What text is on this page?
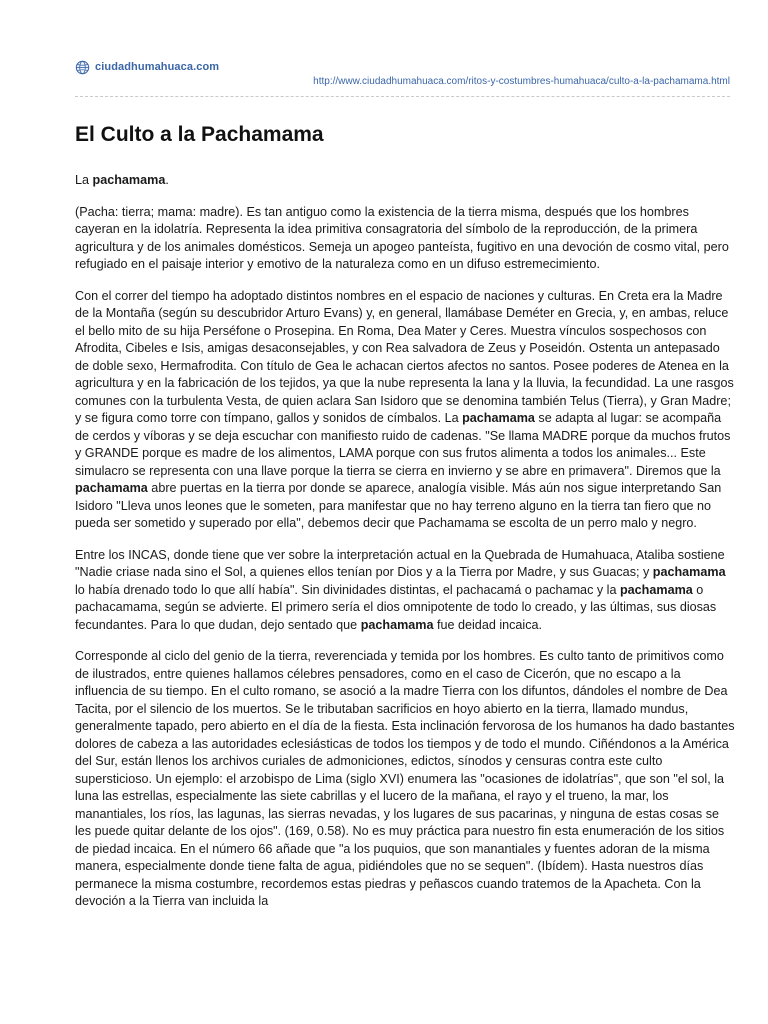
ciudadhumahuaca.com
http://www.ciudadhumahuaca.com/ritos-y-costumbres-humahuaca/culto-a-la-pachamama.html
El Culto a la Pachamama

La pachamama.

(Pacha: tierra; mama: madre). Es tan antiguo como la existencia de la tierra misma, después que los hombres cayeran en la idolatría. Representa la idea primitiva consagratoria del símbolo de la reproducción, de la primera agricultura y de los animales domésticos. Semeja un apogeo panteísta, fugitivo en una devoción de cosmo vital, pero refugiado en el paisaje interior y emotivo de la naturaleza como en un difuso estremecimiento.

Con el correr del tiempo ha adoptado distintos nombres en el espacio de naciones y culturas. En Creta era la Madre de la Montaña (según su descubridor Arturo Evans) y, en general, llamábase Deméter en Grecia, y, en ambas, reluce el bello mito de su hija Perséfone o Prosepina. En Roma, Dea Mater y Ceres. Muestra vínculos sospechosos con Afrodita, Cibeles e Isis, amigas desaconsejables, y con Rea salvadora de Zeus y Poseidón. Ostenta un antepasado de doble sexo, Hermafrodita. Con título de Gea le achacan ciertos afectos no santos. Posee poderes de Atenea en la agricultura y en la fabricación de los tejidos, ya que la nube representa la lana y la lluvia, la fecundidad. La une rasgos comunes con la turbulenta Vesta, de quien aclara San Isidoro que se denomina también Telus (Tierra), y Gran Madre; y se figura como torre con tímpano, gallos y sonidos de címbalos. La pachamama se adapta al lugar: se acompaña de cerdos y víboras y se deja escuchar con manifiesto ruido de cadenas. "Se llama MADRE porque da muchos frutos y GRANDE porque es madre de los alimentos, LAMA porque con sus frutos alimenta a todos los animales... Este simulacro se representa con una llave porque la tierra se cierra en invierno y se abre en primavera". Diremos que la pachamama abre puertas en la tierra por donde se aparece, analogía visible. Más aún nos sigue interpretando San Isidoro "Lleva unos leones que le someten, para manifestar que no hay terreno alguno en la tierra tan fiero que no pueda ser sometido y superado por ella", debemos decir que Pachamama se escolta de un perro malo y negro.

Entre los INCAS, donde tiene que ver sobre la interpretación actual en la Quebrada de Humahuaca, Ataliba sostiene "Nadie criase nada sino el Sol, a quienes ellos tenían por Dios y a la Tierra por Madre, y sus Guacas; y pachamama lo había drenado todo lo que allí había". Sin divinidades distintas, el pachacamá o pachamac y la pachamama o pachacamama, según se advierte. El primero sería el dios omnipotente de todo lo creado, y las últimas, sus diosas fecundantes. Para lo que dudan, dejo sentado que pachamama fue deidad incaica.

Corresponde al ciclo del genio de la tierra, reverenciada y temida por los hombres. Es culto tanto de primitivos como de ilustrados, entre quienes hallamos célebres pensadores, como en el caso de Cicerón, que no escapo a la influencia de su tiempo. En el culto romano, se asoció a la madre Tierra con los difuntos, dándoles el nombre de Dea Tacita, por el silencio de los muertos. Se le tributaban sacrificios en hoyo abierto en la tierra, llamado mundus, generalmente tapado, pero abierto en el día de la fiesta. Esta inclinación fervorosa de los humanos ha dado bastantes dolores de cabeza a las autoridades eclesiásticas de todos los tiempos y de todo el mundo. Ciñéndonos a la América del Sur, están llenos los archivos curiales de admoniciones, edictos, sínodos y censuras contra este culto supersticioso. Un ejemplo: el arzobispo de Lima (siglo XVI) enumera las "ocasiones de idolatrías", que son "el sol, la luna las estrellas, especialmente las siete cabrillas y el lucero de la mañana, el rayo y el trueno, la mar, los manantiales, los ríos, las lagunas, las sierras nevadas, y los lugares de sus pacarinas, y ninguna de estas cosas se les puede quitar delante de los ojos". (169, 0.58). No es muy práctica para nuestro fin esta enumeración de los sitios de piedad incaica. En el número 66 añade que "a los puquios, que son manantiales y fuentes adoran de la misma manera, especialmente donde tiene falta de agua, pidiéndoles que no se sequen". (Ibídem). Hasta nuestros días permanece la misma costumbre, recordemos estas piedras y peñascos cuando tratemos de la Apacheta. Con la devoción a la Tierra van incluida la
